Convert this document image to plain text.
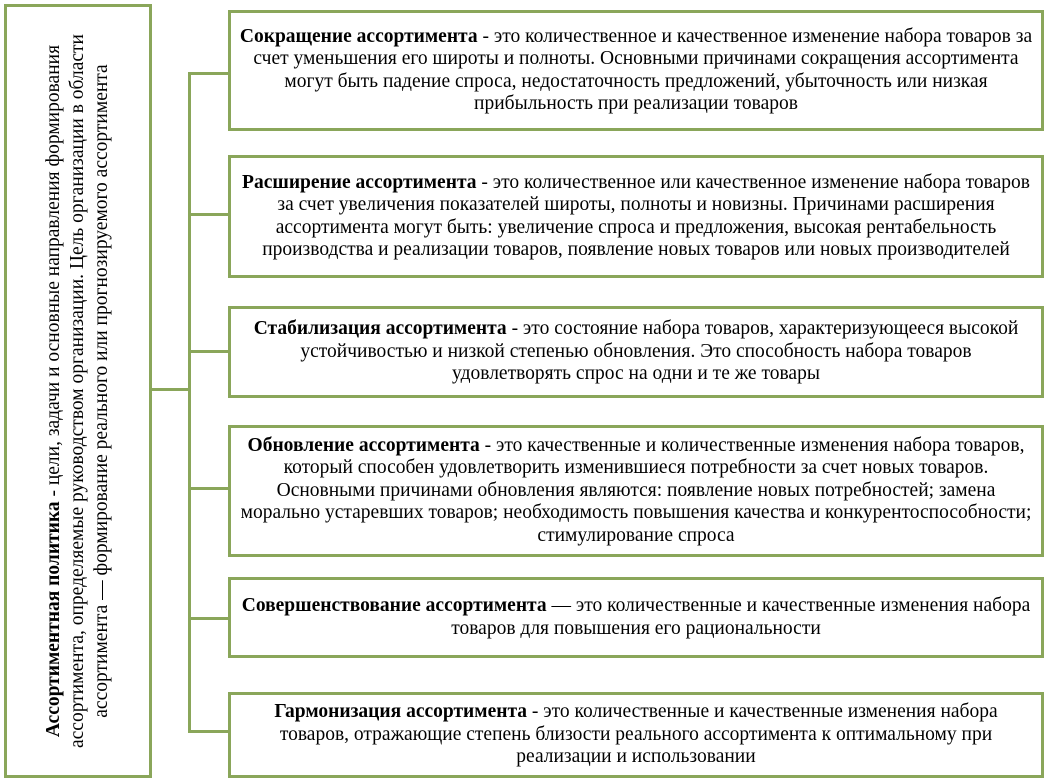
Ассортиментная политика - цели, задачи и основные направления формирования ассортимента, определяемые руководством организации. Цель организации в области ассортимента — формирование реального или прогнозируемого ассортимента

Сокращение ассортимента - это количественное и качественное изменение набора товаров за счет уменьшения его широты и полноты. Основными причинами сокращения ассортимента могут быть падение спроса, недостаточность предложений, убыточность или низкая прибыльность при реализации товаров

Расширение ассортимента - это количественное или качественное изменение набора товаров за счет увеличения показателей широты, полноты и новизны. Причинами расширения ассортимента могут быть: увеличение спроса и предложения, высокая рентабельность производства и реализации товаров, появление новых товаров или новых производителей

Стабилизация ассортимента - это состояние набора товаров, характеризующееся высокой устойчивостью и низкой степенью обновления. Это способность набора товаров удовлетворять спрос на одни и те же товары

Обновление ассортимента - это качественные и количественные изменения набора товаров, который способен удовлетворить изменившиеся потребности за счет новых товаров. Основными причинами обновления являются: появление новых потребностей; замена морально устаревших товаров; необходимость повышения качества и конкурентоспособности; стимулирование спроса

Совершенствование ассортимента — это количественные и качественные изменения набора товаров для повышения его рациональности

Гармонизация ассортимента - это количественные и качественные изменения набора товаров, отражающие степень близости реального ассортимента к оптимальному при реализации и использовании
